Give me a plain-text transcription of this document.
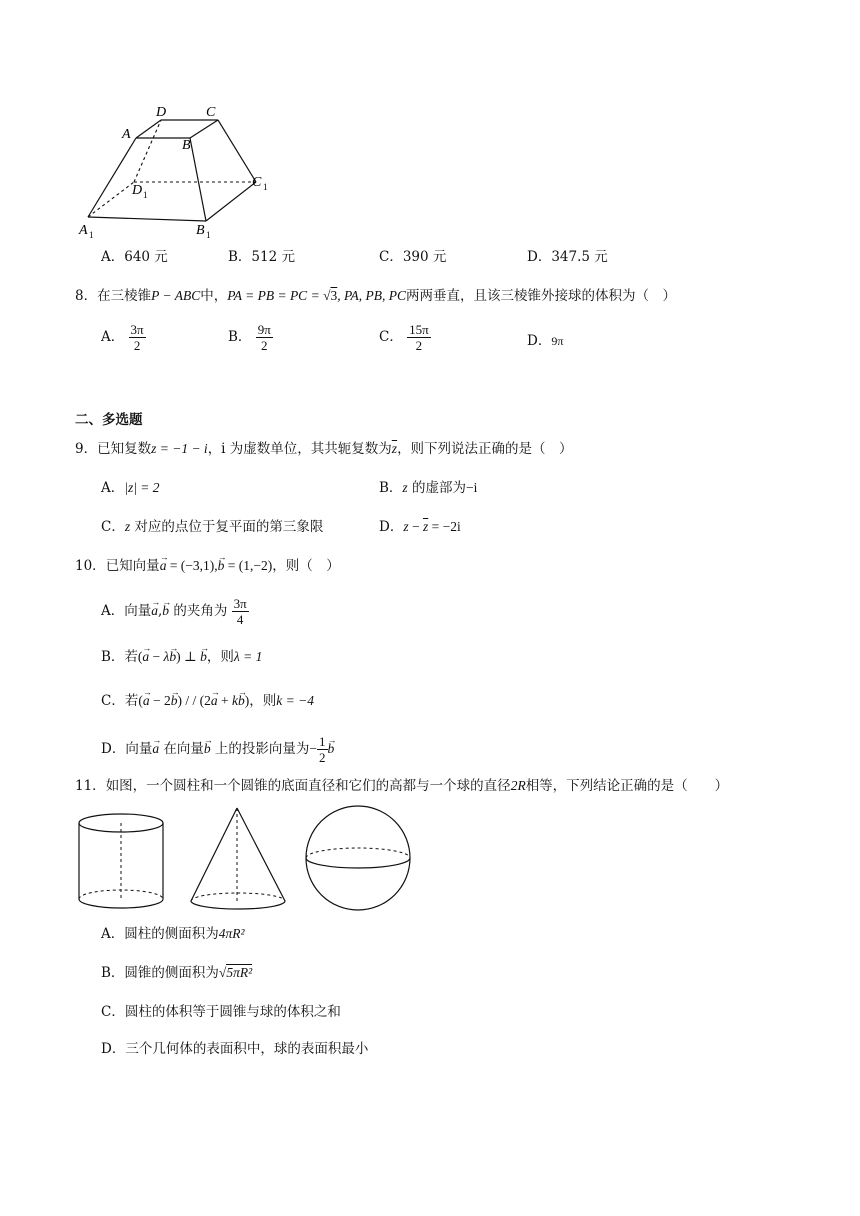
D	C
A
B
D 1
C 1
A 1	B 1
A．640 元	B．512 元	C．390 元	D．347.5 元
8．在三棱锥P − ABC中，PA = PB = PC = √3, PA, PB, PC两两垂直，且该三棱锥外接球的体积为（　）
A． $\frac{3\pi}{2}$	B． $\frac{9\pi}{2}$	C． $\frac{15\pi}{2}$	D．9π
二、多选题
9．已知复数z = −1 − i，i 为虚数单位，其共轭复数为$\overline{z}$，则下列说法正确的是（　）
A．|z| = 2	B．z 的虚部为−i
C．z 对应的点位于复平面的第三象限	D．$z - \overline{z} = -2i$
10．已知向量→ a = (−3,1),→ b = (1,−2)，则（　）
A．向量→ a,→ b 的夹角为 $\frac{3\pi}{4}$
B．若(→ a − λ→ b) ⊥ → b，则λ = 1
C．若(→ a − 2→ b) / / (2→ a + k→ b)，则k = −4
D．向量→ a 在向量→ b 上的投影向量为− $\frac{1}{2} \to b$
11．如图，一个圆柱和一个圆锥的底面直径和它们的高都与一个球的直径2R相等，下列结论正确的是（　　）
A．圆柱的侧面积为4πR²
B．圆锥的侧面积为√5πR²
C．圆柱的体积等于圆锥与球的体积之和
D．三个几何体的表面积中，球的表面积最小
